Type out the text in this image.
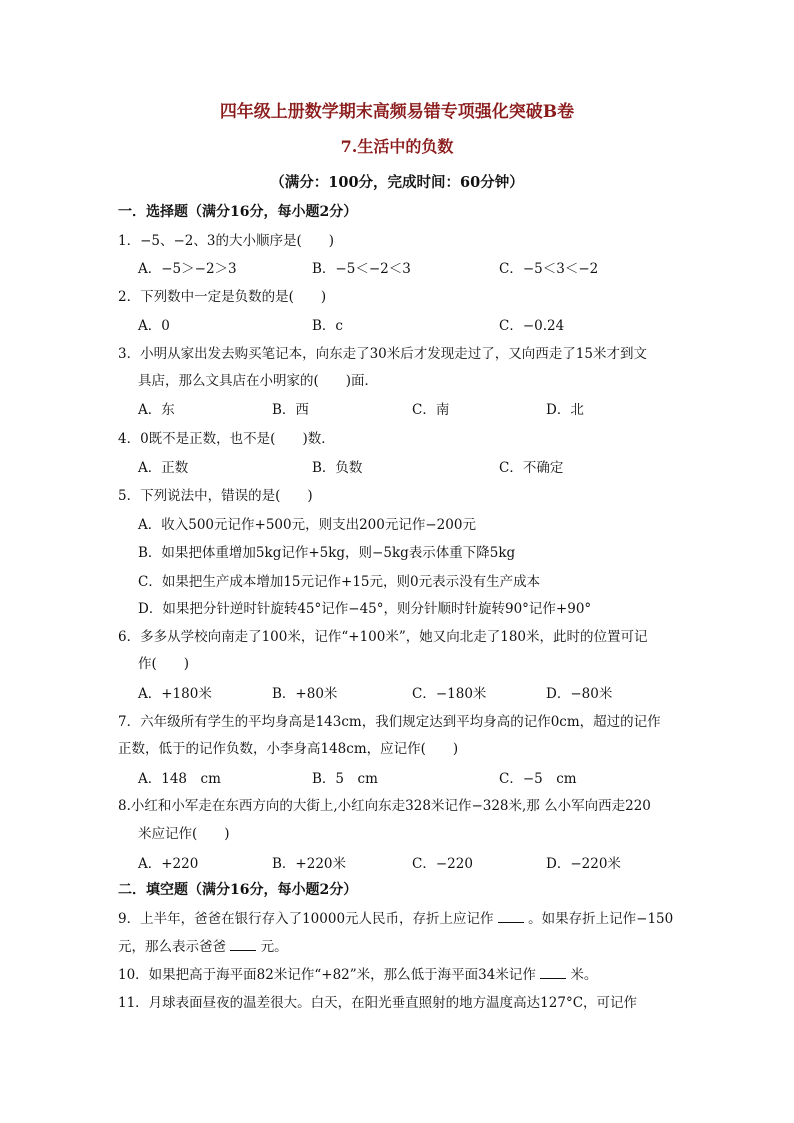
四年级上册数学期末高频易错专项强化突破B卷
7.生活中的负数
（满分：100分，完成时间：60分钟）
一．选择题（满分16分，每小题2分）
1．−5、−2、3的大小顺序是(　　)
A．−5＞−2＞3	B．−5＜−2＜3	C．−5＜3＜−2
2．下列数中一定是负数的是(　　)
A．0	B．c	C．−0.24
3．小明从家出发去购买笔记本，向东走了30米后才发现走过了，又向西走了15米才到文
具店，那么文具店在小明家的(　　)面．
A．东	B．西	C．南	D．北
4．0既不是正数，也不是(　　)数．
A．正数	B．负数	C．不确定
5．下列说法中，错误的是(　　)
A．收入500元记作+500元，则支出200元记作−200元
B．如果把体重增加5kg记作+5kg，则−5kg表示体重下降5kg
C．如果把生产成本增加15元记作+15元，则0元表示没有生产成本
D．如果把分针逆时针旋转45°记作−45°，则分针顺时针旋转90°记作+90°
6．多多从学校向南走了100米，记作“+100米”，她又向北走了180米，此时的位置可记
作(　　)
A．+180米	B．+80米	C．−180米	D．−80米
7．六年级所有学生的平均身高是143cm，我们规定达到平均身高的记作0cm，超过的记作
正数，低于的记作负数，小李身高148cm，应记作(　　)
A．148　cm	B．5　cm	C．−5　cm
8.小红和小军走在东西方向的大街上,小红向东走328米记作−328米,那 么小军向西走220
米应记作(　　)
A．+220	B．+220米	C．−220	D．−220米
二．填空题（满分16分，每小题2分）
9．上半年，爸爸在银行存入了10000元人民币，存折上应记作	。如果存折上记作−150
元，那么表示爸爸	元。
10．如果把高于海平面82米记作“+82”米，那么低于海平面34米记作	米。
11．月球表面昼夜的温差很大。白天，在阳光垂直照射的地方温度高达127°C，可记作
